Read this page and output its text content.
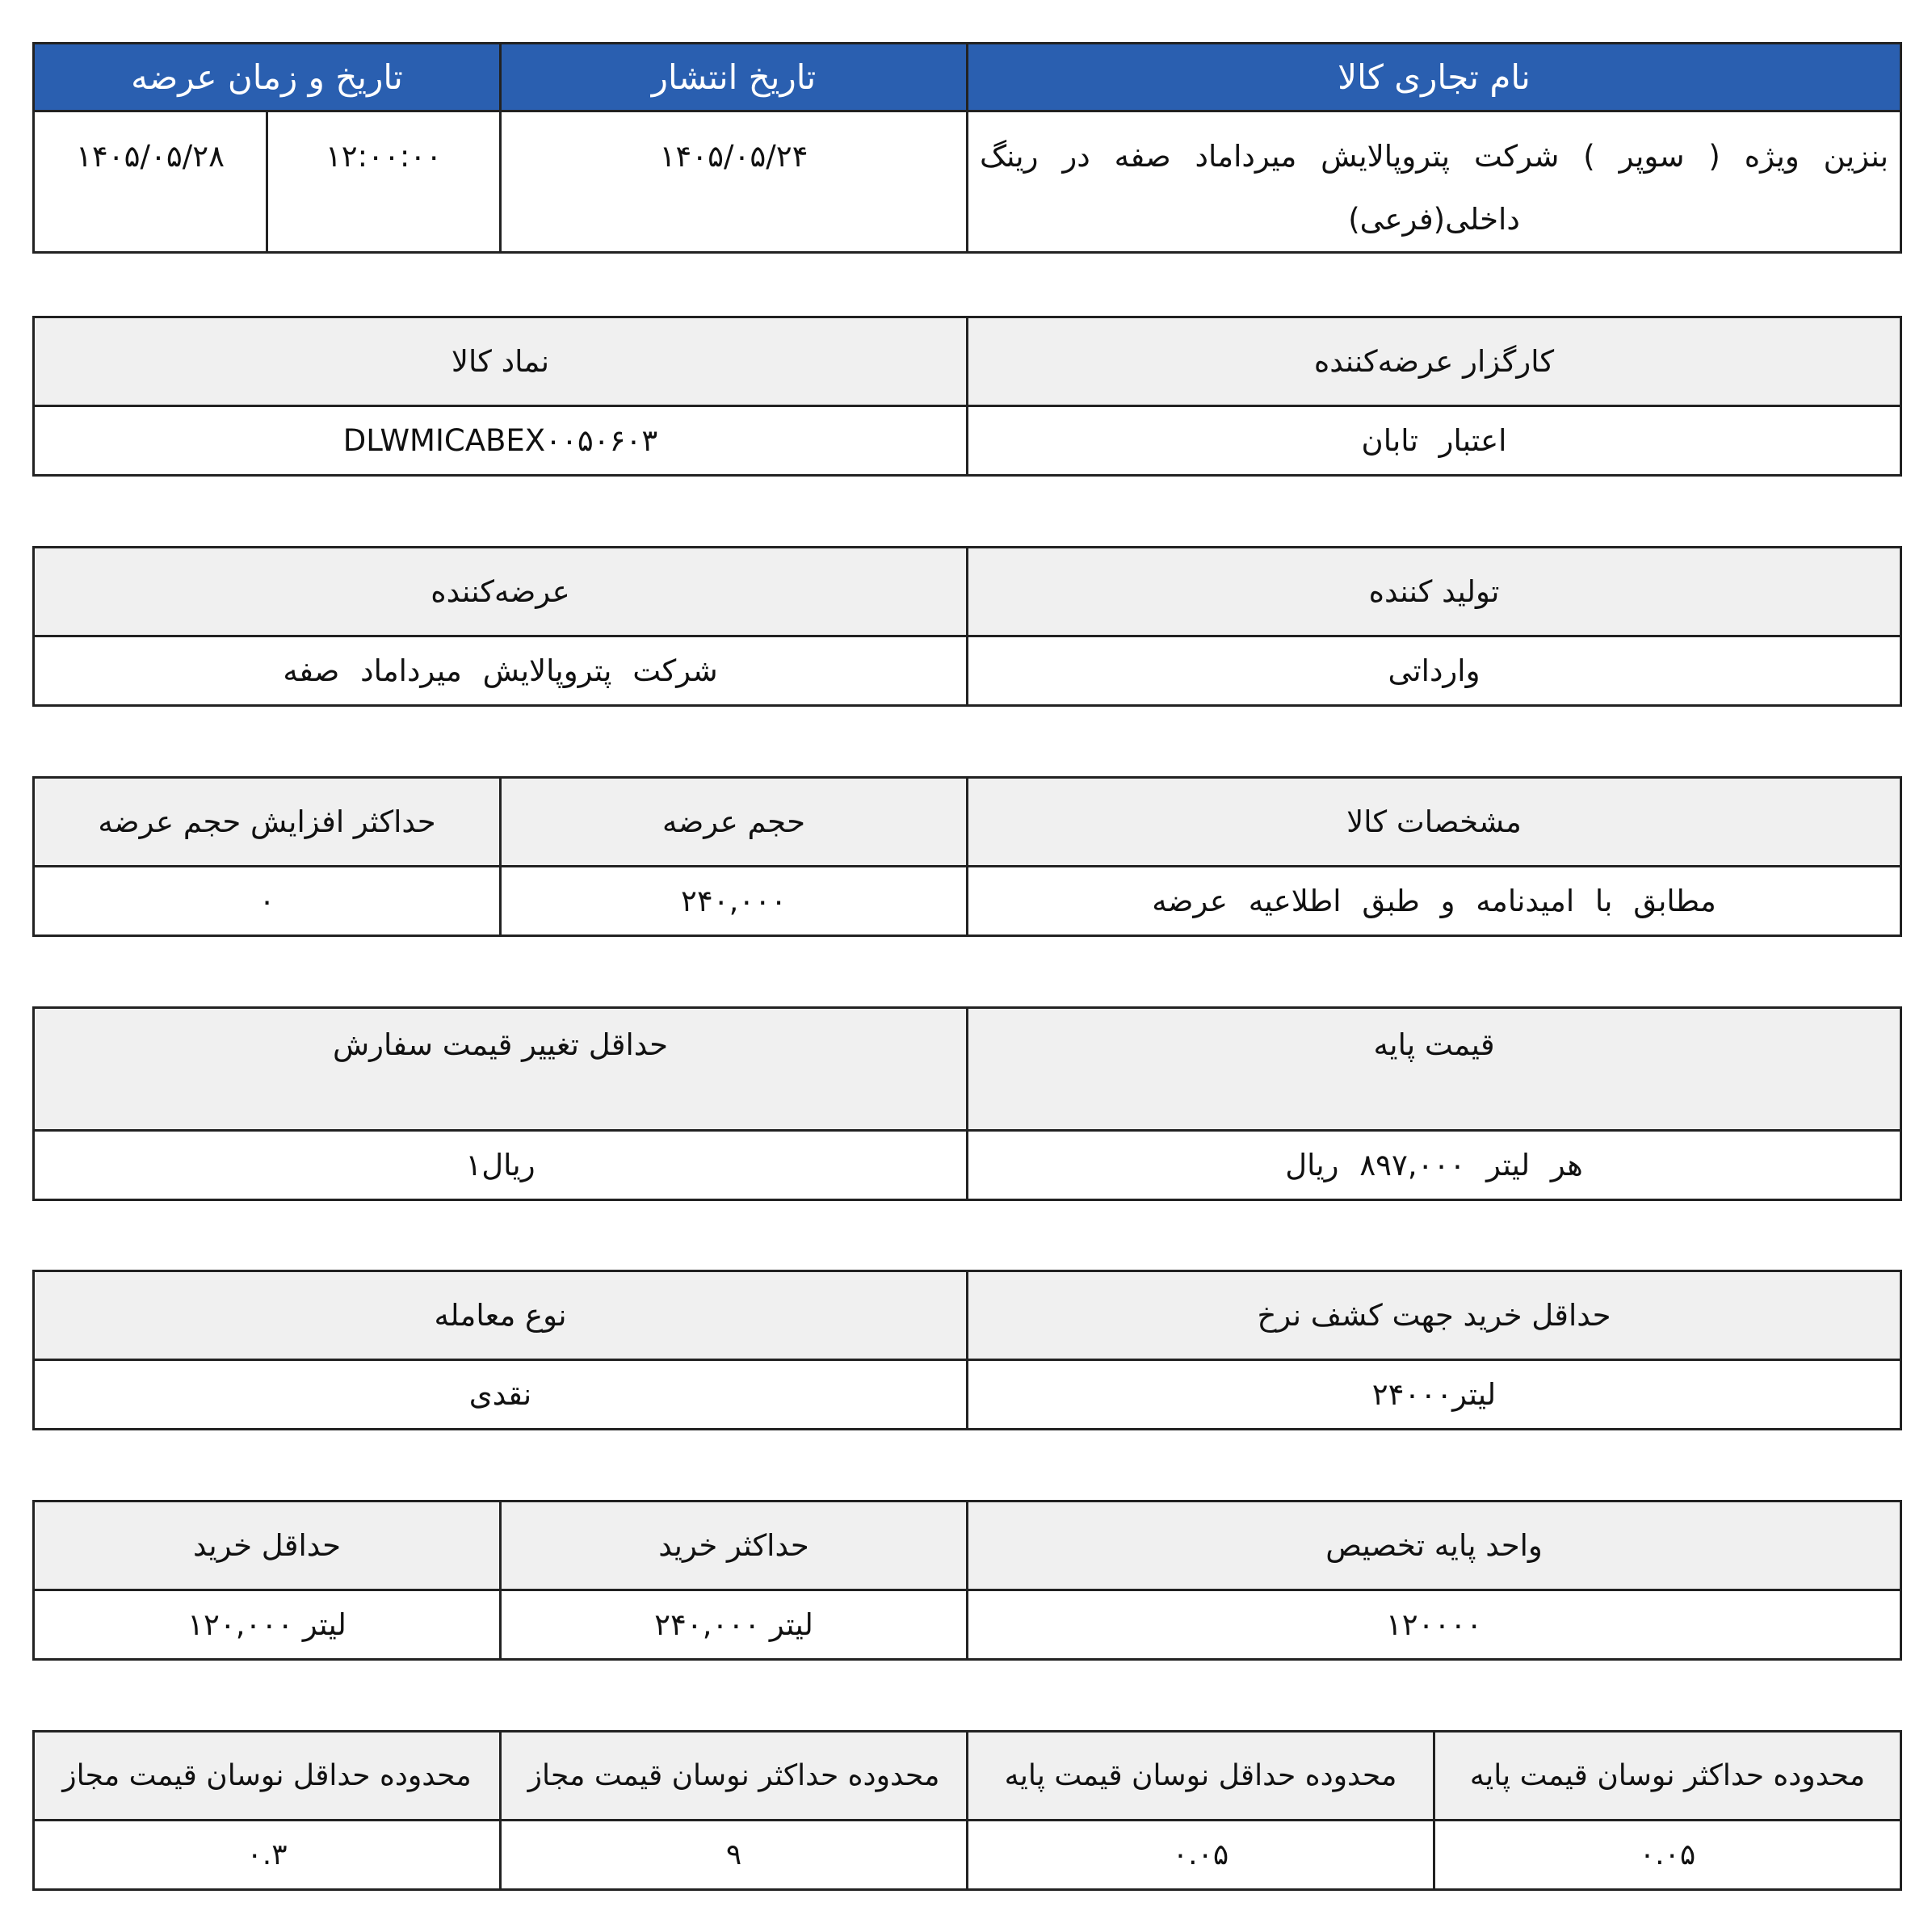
نام تجاری کالا	تاریخ انتشار	تاریخ و زمان عرضه	
بنزین ویژه ( سوپر ) شرکت پتروپالایش میرداماد صفه در رینگ داخلی(فرعی)	۱۴۰۵/۰۵/۲۴	۱۲:۰۰:۰۰	۱۴۰۵/۰۵/۲۸
کارگزار عرضه‌کننده	نماد کالا
اعتبار تابان	DLWMICABEX۰۰۵۰۶۰۳
تولید کننده	عرضه‌کننده
وارداتی	شرکت پتروپالایش میرداماد صفه
مشخصات کالا	حجم عرضه	حداکثر افزایش حجم عرضه
مطابق با امیدنامه و طبق اطلاعیه عرضه	۲۴۰,۰۰۰	۰
قیمت پایه	حداقل تغییر قیمت سفارش
هر لیتر ۸۹۷,۰۰۰ ریال	ریال۱
حداقل خرید جهت کشف نرخ	نوع معامله
لیتر۲۴۰۰۰	نقدی
واحد پایه تخصیص	حداکثر خرید	حداقل خرید
۱۲۰۰۰۰	لیتر ۲۴۰,۰۰۰	لیتر ۱۲۰,۰۰۰
محدوده حداکثر نوسان قیمت پایه	محدوده حداقل نوسان قیمت پایه	محدوده حداکثر نوسان قیمت مجاز	محدوده حداقل نوسان قیمت مجاز
۰.۰۵	۰.۰۵	۹	۰.۳
